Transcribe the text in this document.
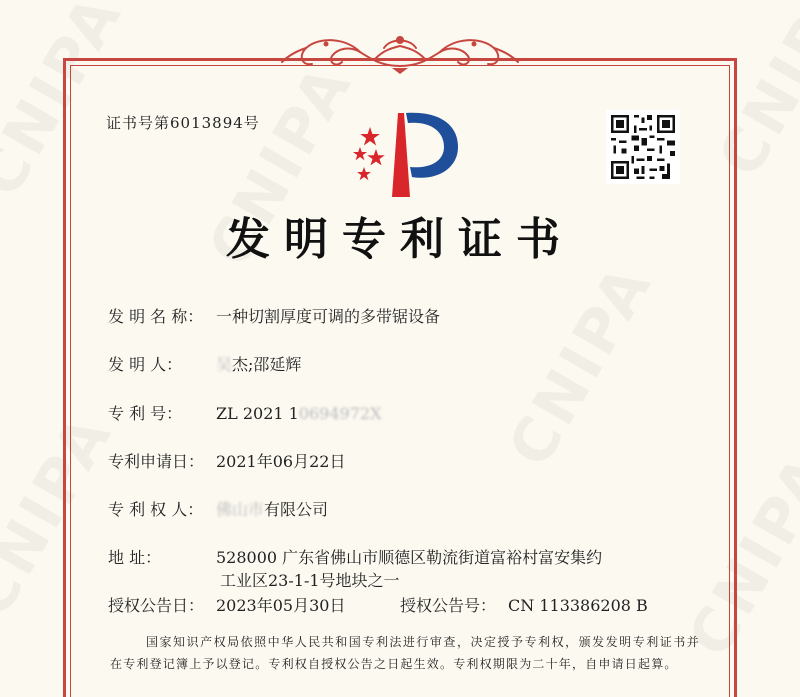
证书号第6013894号
发明专利证书
发 明 名 称： 一种切割厚度可调的多带锯设备
发 明 人： 吴杰;邵延辉
专 利 号： ZL 2021 10694972X
专利申请日： 2021年06月22日
专 利 权 人： 佛山市有限公司
地 址：	528000 广东省佛山市顺德区勒流街道富裕村富安集约
工业区23-1-1号地块之一
授权公告日： 2023年05月30日	授权公告号： CN 113386208 B
国家知识产权局依照中华人民共和国专利法进行审查，决定授予专利权，颁发发明专利证书并在专利登记簿上予以登记。专利权自授权公告之日起生效。专利权期限为二十年，自申请日起算。
